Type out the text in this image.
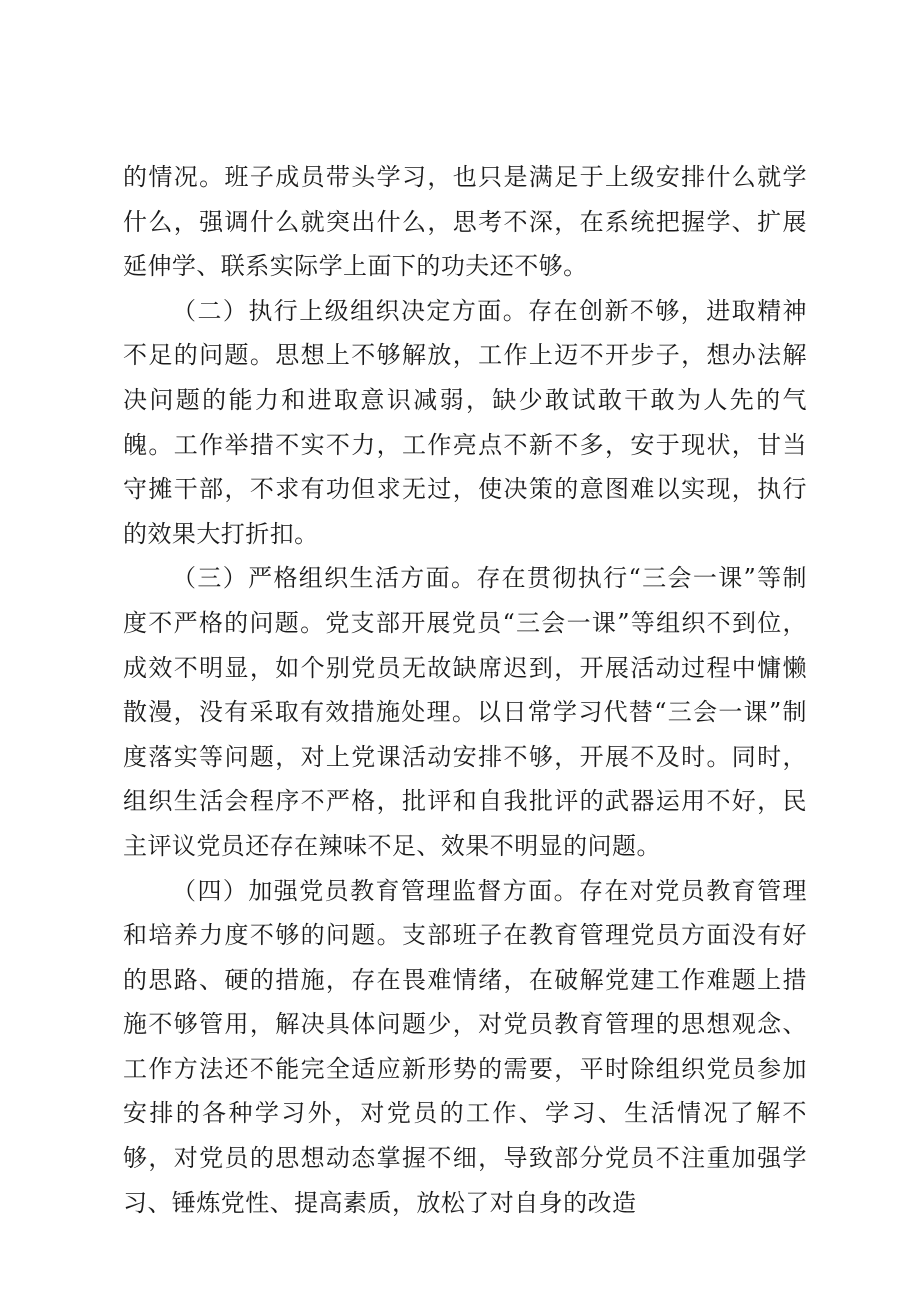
的情况。班子成员带头学习，也只是满足于上级安排什么就学什么，强调什么就突出什么，思考不深，在系统把握学、扩展延伸学、联系实际学上面下的功夫还不够。

（二）执行上级组织决定方面。存在创新不够，进取精神不足的问题。思想上不够解放，工作上迈不开步子，想办法解决问题的能力和进取意识减弱，缺少敢试敢干敢为人先的气魄。工作举措不实不力，工作亮点不新不多，安于现状，甘当守摊干部，不求有功但求无过，使决策的意图难以实现，执行的效果大打折扣。

（三）严格组织生活方面。存在贯彻执行“三会一课”等制度不严格的问题。党支部开展党员“三会一课”等组织不到位，成效不明显，如个别党员无故缺席迟到，开展活动过程中慵懒散漫，没有采取有效措施处理。以日常学习代替“三会一课”制度落实等问题，对上党课活动安排不够，开展不及时。同时，组织生活会程序不严格，批评和自我批评的武器运用不好，民主评议党员还存在辣味不足、效果不明显的问题。

（四）加强党员教育管理监督方面。存在对党员教育管理和培养力度不够的问题。支部班子在教育管理党员方面没有好的思路、硬的措施，存在畏难情绪，在破解党建工作难题上措施不够管用，解决具体问题少，对党员教育管理的思想观念、工作方法还不能完全适应新形势的需要，平时除组织党员参加安排的各种学习外，对党员的工作、学习、生活情况了解不够，对党员的思想动态掌握不细，导致部分党员不注重加强学习、锤炼党性、提高素质，放松了对自身的改造
